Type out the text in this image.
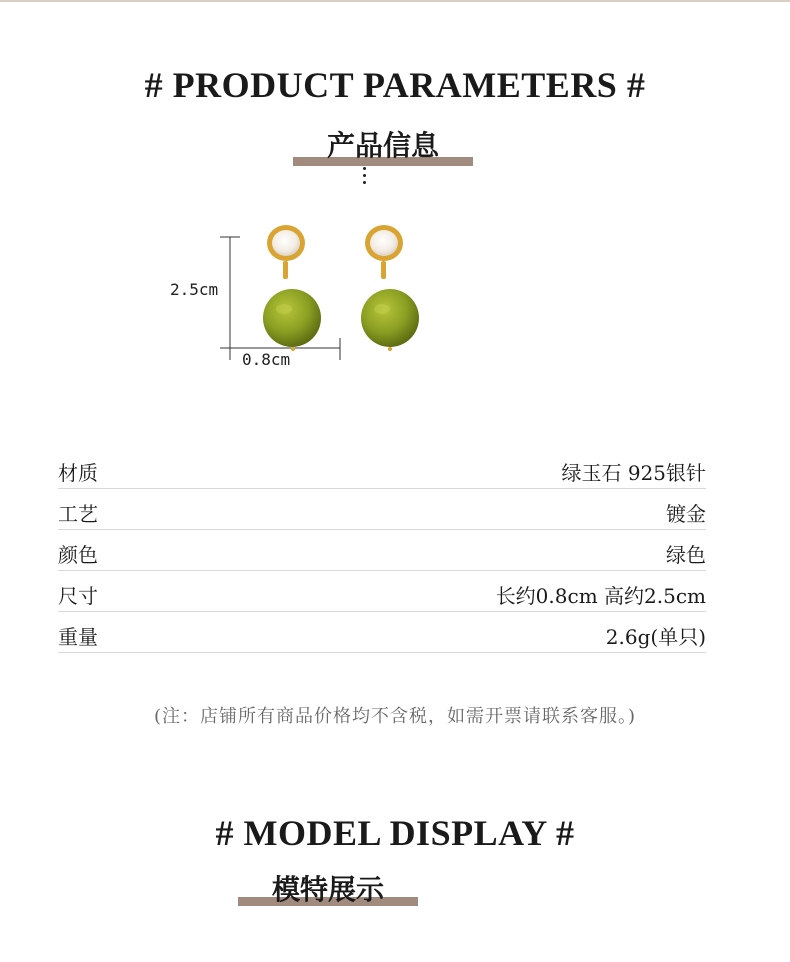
# PRODUCT PARAMETERS #
产品信息
2.5cm
0.8cm
材质	绿玉石 925银针
工艺	镀金
颜色	绿色
尺寸	长约0.8cm 高约2.5cm
重量	2.6g(单只)
(注：店铺所有商品价格均不含税，如需开票请联系客服。)
# MODEL DISPLAY #
模特展示
